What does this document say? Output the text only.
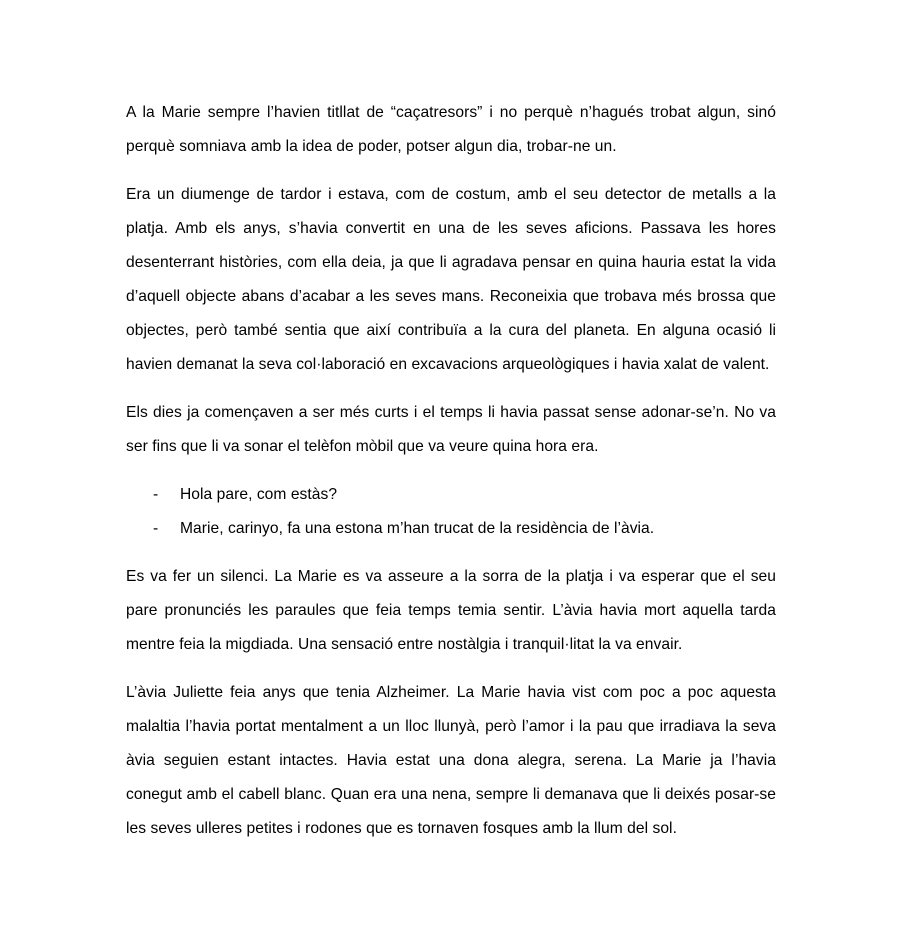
A la Marie sempre l’havien titllat de “caçatresors” i no perquè n’hagués trobat algun, sinó perquè somniava amb la idea de poder, potser algun dia, trobar-ne un.

Era un diumenge de tardor i estava, com de costum, amb el seu detector de metalls a la platja. Amb els anys, s’havia convertit en una de les seves aficions. Passava les hores desenterrant històries, com ella deia, ja que li agradava pensar en quina hauria estat la vida d’aquell objecte abans d’acabar a les seves mans. Reconeixia que trobava més brossa que objectes, però també sentia que així contribuïa a la cura del planeta. En alguna ocasió li havien demanat la seva col·laboració en excavacions arqueològiques i havia xalat de valent.

Els dies ja començaven a ser més curts i el temps li havia passat sense adonar-se’n. No va ser fins que li va sonar el telèfon mòbil que va veure quina hora era.

- Hola pare, com estàs?
- Marie, carinyo, fa una estona m’han trucat de la residència de l’àvia.

Es va fer un silenci. La Marie es va asseure a la sorra de la platja i va esperar que el seu pare pronunciés les paraules que feia temps temia sentir. L’àvia havia mort aquella tarda mentre feia la migdiada. Una sensació entre nostàlgia i tranquil·litat la va envair.

L’àvia Juliette feia anys que tenia Alzheimer. La Marie havia vist com poc a poc aquesta malaltia l’havia portat mentalment a un lloc llunyà, però l’amor i la pau que irradiava la seva àvia seguien estant intactes. Havia estat una dona alegra, serena. La Marie ja l’havia conegut amb el cabell blanc. Quan era una nena, sempre li demanava que li deixés posar-se les seves ulleres petites i rodones que es tornaven fosques amb la llum del sol.
